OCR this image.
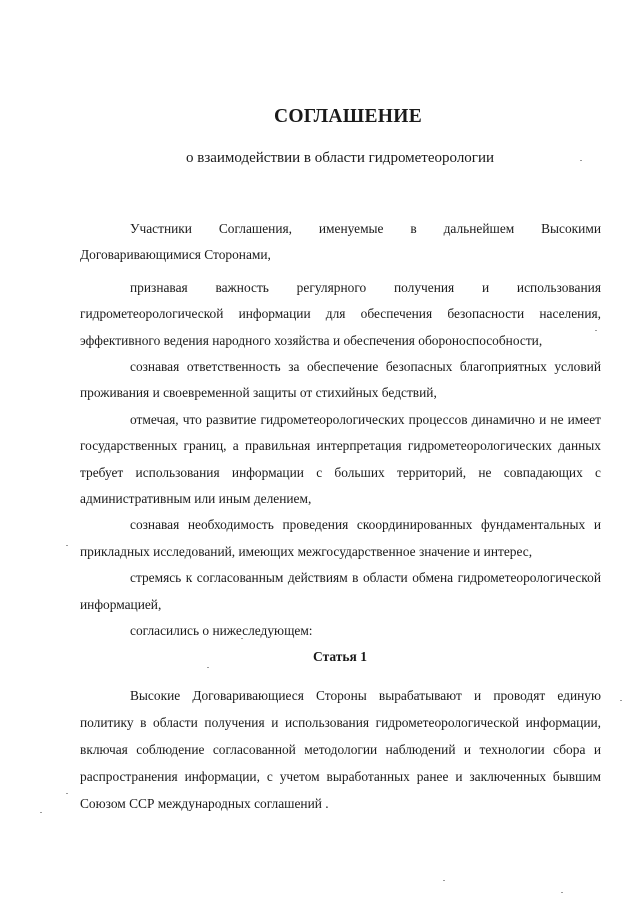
СОГЛАШЕНИЕ
о взаимодействии в области гидрометеорологии

Участники Соглашения, именуемые в дальнейшем Высокими Договаривающимися Сторонами,

признавая важность регулярного получения и использования гидрометеорологической информации для обеспечения безопасности населения, эффективного ведения народного хозяйства и обеспечения обороноспособности,

сознавая ответственность за обеспечение безопасных благоприятных условий проживания и своевременной защиты от стихийных бедствий,

отмечая, что развитие гидрометеорологических процессов динамично и не имеет государственных границ, а правильная интерпретация гидрометеорологических данных требует использования информации с больших территорий, не совпадающих с административным или иным делением,

сознавая необходимость проведения скоординированных фундаментальных и прикладных исследований, имеющих межгосударственное значение и интерес,

стремясь к согласованным действиям в области обмена гидрометеорологической информацией,

согласились о нижеследующем:

Статья 1

Высокие Договаривающиеся Стороны вырабатывают и проводят единую политику в области получения и использования гидрометеорологической информации, включая соблюдение согласованной методологии наблюдений и технологии сбора и распространения информации, с учетом выработанных ранее и заключенных бывшим Союзом ССР международных соглашений .
